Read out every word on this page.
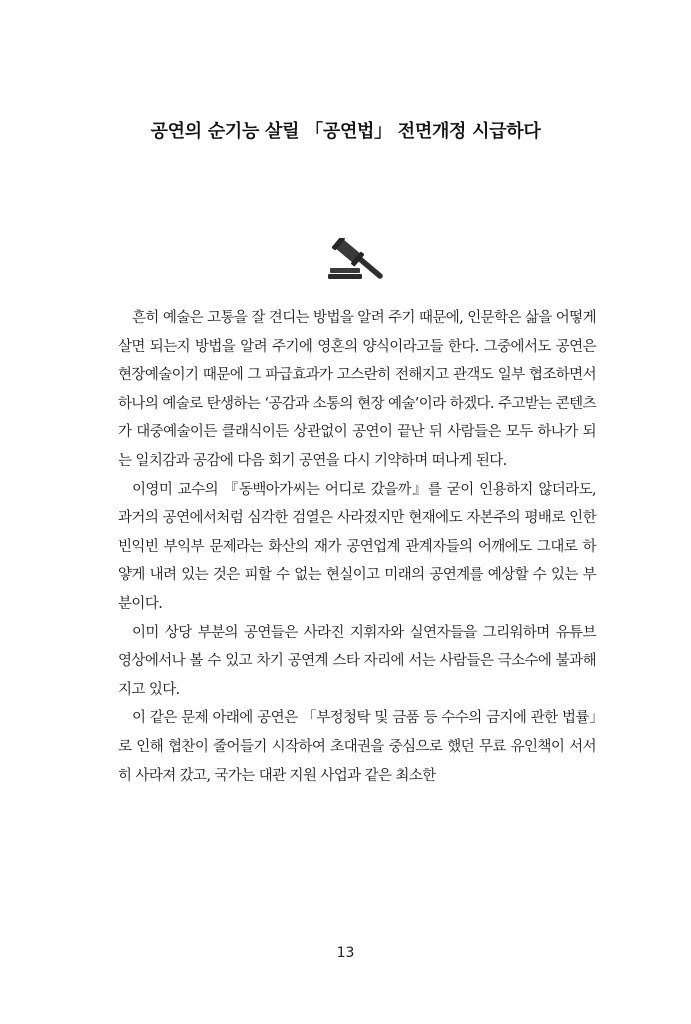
공연의 순기능 살릴 「공연법」 전면개정 시급하다

흔히 예술은 고통을 잘 견디는 방법을 알려 주기 때문에, 인문학은 삶을 어떻게 살면 되는지 방법을 알려 주기에 영혼의 양식이라고들 한다. 그중에서도 공연은 현장예술이기 때문에 그 파급효과가 고스란히 전해지고 관객도 일부 협조하면서 하나의 예술로 탄생하는 ‘공감과 소통의 현장 예술’이라 하겠다. 주고받는 콘텐츠가 대중예술이든 클래식이든 상관없이 공연이 끝난 뒤 사람들은 모두 하나가 되는 일치감과 공감에 다음 회기 공연을 다시 기약하며 떠나게 된다.

이영미 교수의 『동백아가씨는 어디로 갔을까』를 굳이 인용하지 않더라도, 과거의 공연에서처럼 심각한 검열은 사라졌지만 현재에도 자본주의 평배로 인한 빈익빈 부익부 문제라는 화산의 재가 공연업계 관계자들의 어깨에도 그대로 하얗게 내려 있는 것은 피할 수 없는 현실이고 미래의 공연계를 예상할 수 있는 부분이다.

이미 상당 부분의 공연들은 사라진 지휘자와 실연자들을 그리워하며 유튜브 영상에서나 볼 수 있고 차기 공연계 스타 자리에 서는 사람들은 극소수에 불과해지고 있다.

이 같은 문제 아래에 공연은 「부정청탁 및 금품 등 수수의 금지에 관한 법률」로 인해 협찬이 줄어들기 시작하여 초대권을 중심으로 했던 무료 유인책이 서서히 사라져 갔고, 국가는 대관 지원 사업과 같은 최소한

13
